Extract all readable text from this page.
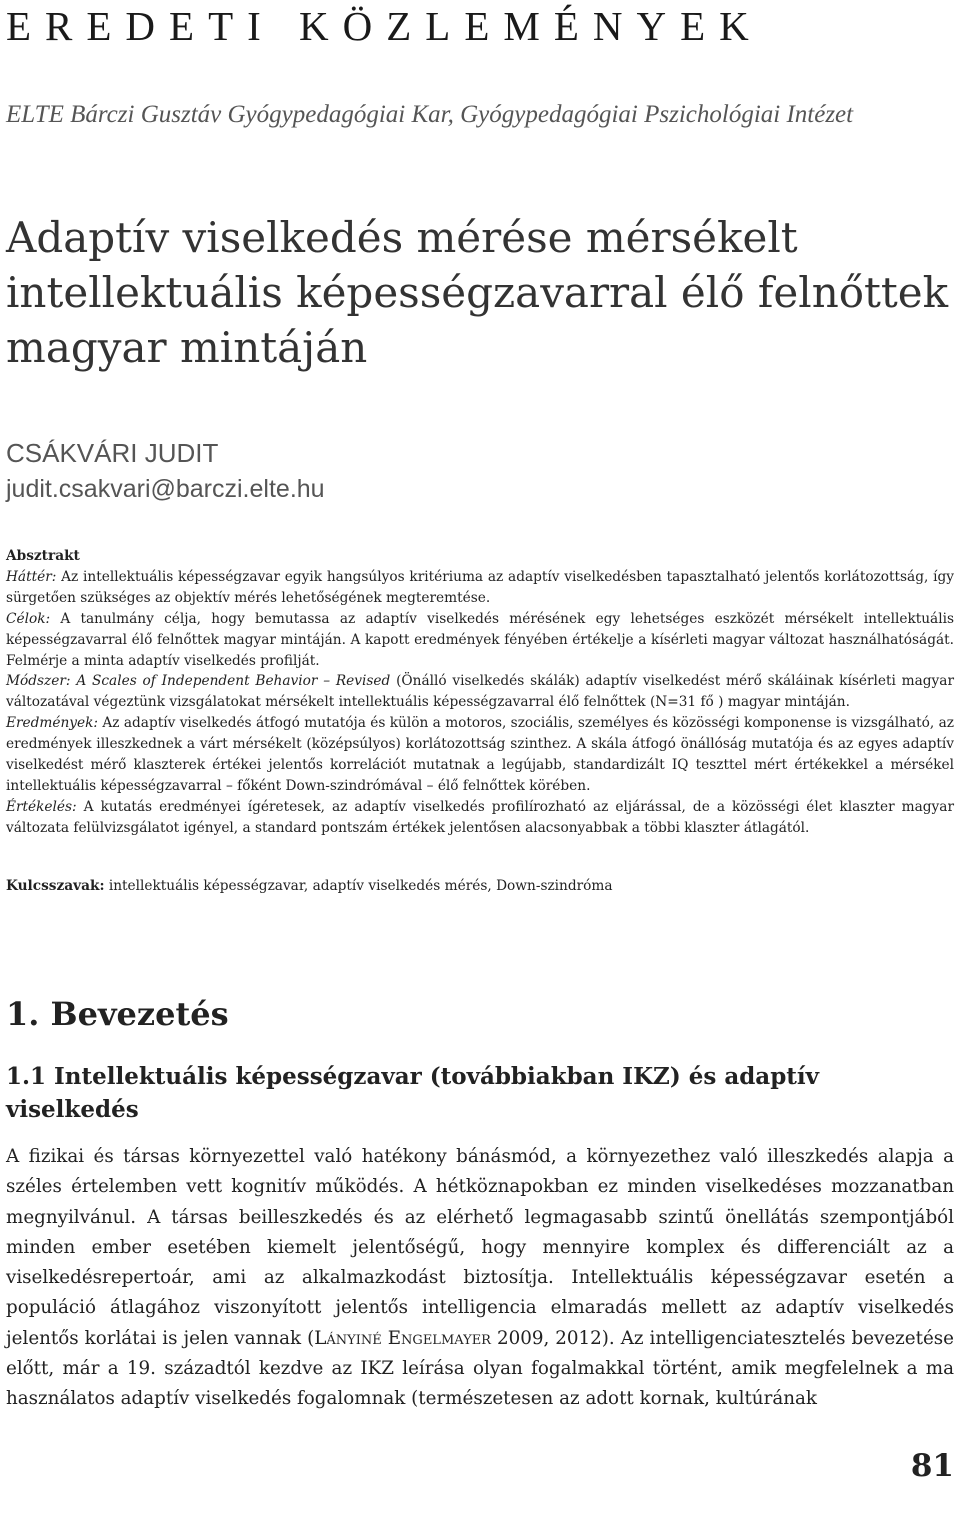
EREDETI KÖZLEMÉNYEK
ELTE Bárczi Gusztáv Gyógypedagógiai Kar, Gyógypedagógiai Pszichológiai Intézet
Adaptív viselkedés mérése mérsékelt intellektuális képességzavarral élő felnőttek magyar mintáján
CSÁKVÁRI JUDIT
judit.csakvari@barczi.elte.hu
Absztrakt

Háttér: Az intellektuális képességzavar egyik hangsúlyos kritériuma az adaptív viselkedésben tapasztalható jelentős korlátozottság, így sürgetően szükséges az objektív mérés lehetőségének megteremtése.

Célok: A tanulmány célja, hogy bemutassa az adaptív viselkedés mérésének egy lehetséges eszközét mérsékelt intellektuális képességzavarral élő felnőttek magyar mintáján. A kapott eredmények fényében értékelje a kísérleti magyar változat használhatóságát. Felmérje a minta adaptív viselkedés profilját.

Módszer: A Scales of Independent Behavior – Revised (Önálló viselkedés skálák) adaptív viselkedést mérő skáláinak kísérleti magyar változatával végeztünk vizsgálatokat mérsékelt intellektuális képességzavarral élő felnőttek (N=31 fő ) magyar mintáján.

Eredmények: Az adaptív viselkedés átfogó mutatója és külön a motoros, szociális, személyes és közösségi komponense is vizsgálható, az eredmények illeszkednek a várt mérsékelt (középsúlyos) korlátozottság szinthez. A skála átfogó önállóság mutatója és az egyes adaptív viselkedést mérő klaszterek értékei jelentős korrelációt mutatnak a legújabb, standardizált IQ teszttel mért értékekkel a mérsékel intellektuális képességzavarral – főként Down-szindrómával – élő felnőttek körében.

Értékelés: A kutatás eredményei ígéretesek, az adaptív viselkedés profilírozható az eljárással, de a közösségi élet klaszter magyar változata felülvizsgálatot igényel, a standard pontszám értékek jelentősen alacsonyabbak a többi klaszter átlagától.

Kulcsszavak: intellektuális képességzavar, adaptív viselkedés mérés, Down-szindróma
1. Bevezetés
1.1 Intellektuális képességzavar (továbbiakban IKZ) és adaptív viselkedés

A fizikai és társas környezettel való hatékony bánásmód, a környezethez való illeszkedés alapja a széles értelemben vett kognitív működés. A hétköznapokban ez minden viselkedéses mozzanatban megnyilvánul. A társas beilleszkedés és az elérhető legmagasabb szintű önellátás szempontjából minden ember esetében kiemelt jelentőségű, hogy mennyire komplex és differenciált az a viselkedésrepertoár, ami az alkalmazkodást biztosítja. Intellektuális képességzavar esetén a populáció átlagához viszonyított jelentős intelligencia elmaradás mellett az adaptív viselkedés jelentős korlátai is jelen vannak (Lányiné Engelmayer 2009, 2012). Az intelligenciatesztelés bevezetése előtt, már a 19. századtól kezdve az IKZ leírása olyan fogalmakkal történt, amik megfelelnek a ma használatos adaptív viselkedés fogalomnak (természetesen az adott kornak, kultúrának

81
